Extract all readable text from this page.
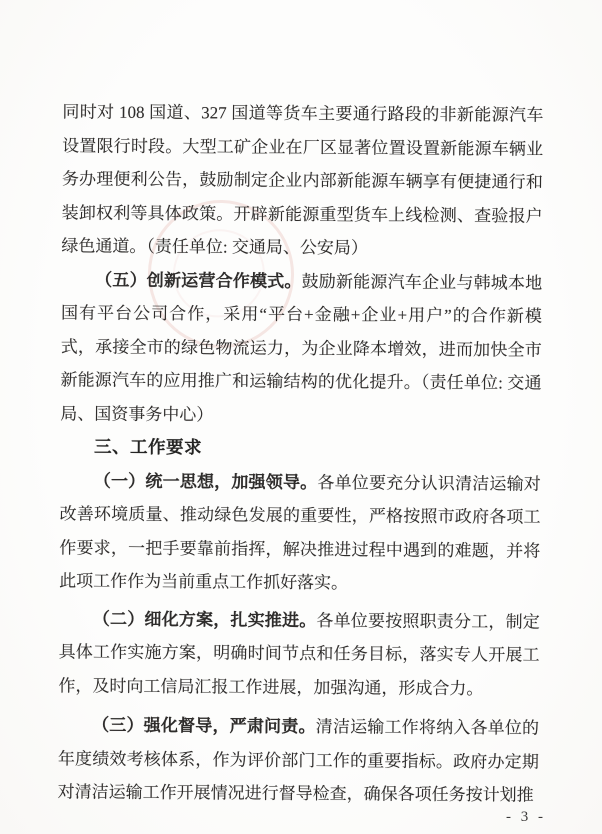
同时对 108 国道、327 国道等货车主要通行路段的非新能源汽车设置限行时段。大型工矿企业在厂区显著位置设置新能源车辆业务办理便利公告，鼓励制定企业内部新能源车辆享有便捷通行和装卸权利等具体政策。开辟新能源重型货车上线检测、查验报户绿色通道。（责任单位: 交通局、公安局）

（五）创新运营合作模式。鼓励新能源汽车企业与韩城本地国有平台公司合作，采用“平台+金融+企业+用户”的合作新模式，承接全市的绿色物流运力，为企业降本增效，进而加快全市新能源汽车的应用推广和运输结构的优化提升。（责任单位: 交通局、国资事务中心）

三、工作要求

（一）统一思想，加强领导。各单位要充分认识清洁运输对改善环境质量、推动绿色发展的重要性，严格按照市政府各项工作要求，一把手要靠前指挥，解决推进过程中遇到的难题，并将此项工作作为当前重点工作抓好落实。

（二）细化方案，扎实推进。各单位要按照职责分工，制定具体工作实施方案，明确时间节点和任务目标，落实专人开展工作，及时向工信局汇报工作进展，加强沟通，形成合力。

（三）强化督导，严肃问责。清洁运输工作将纳入各单位的年度绩效考核体系，作为评价部门工作的重要指标。政府办定期对清洁运输工作开展情况进行督导检查，确保各项任务按计划推

- 3 -
